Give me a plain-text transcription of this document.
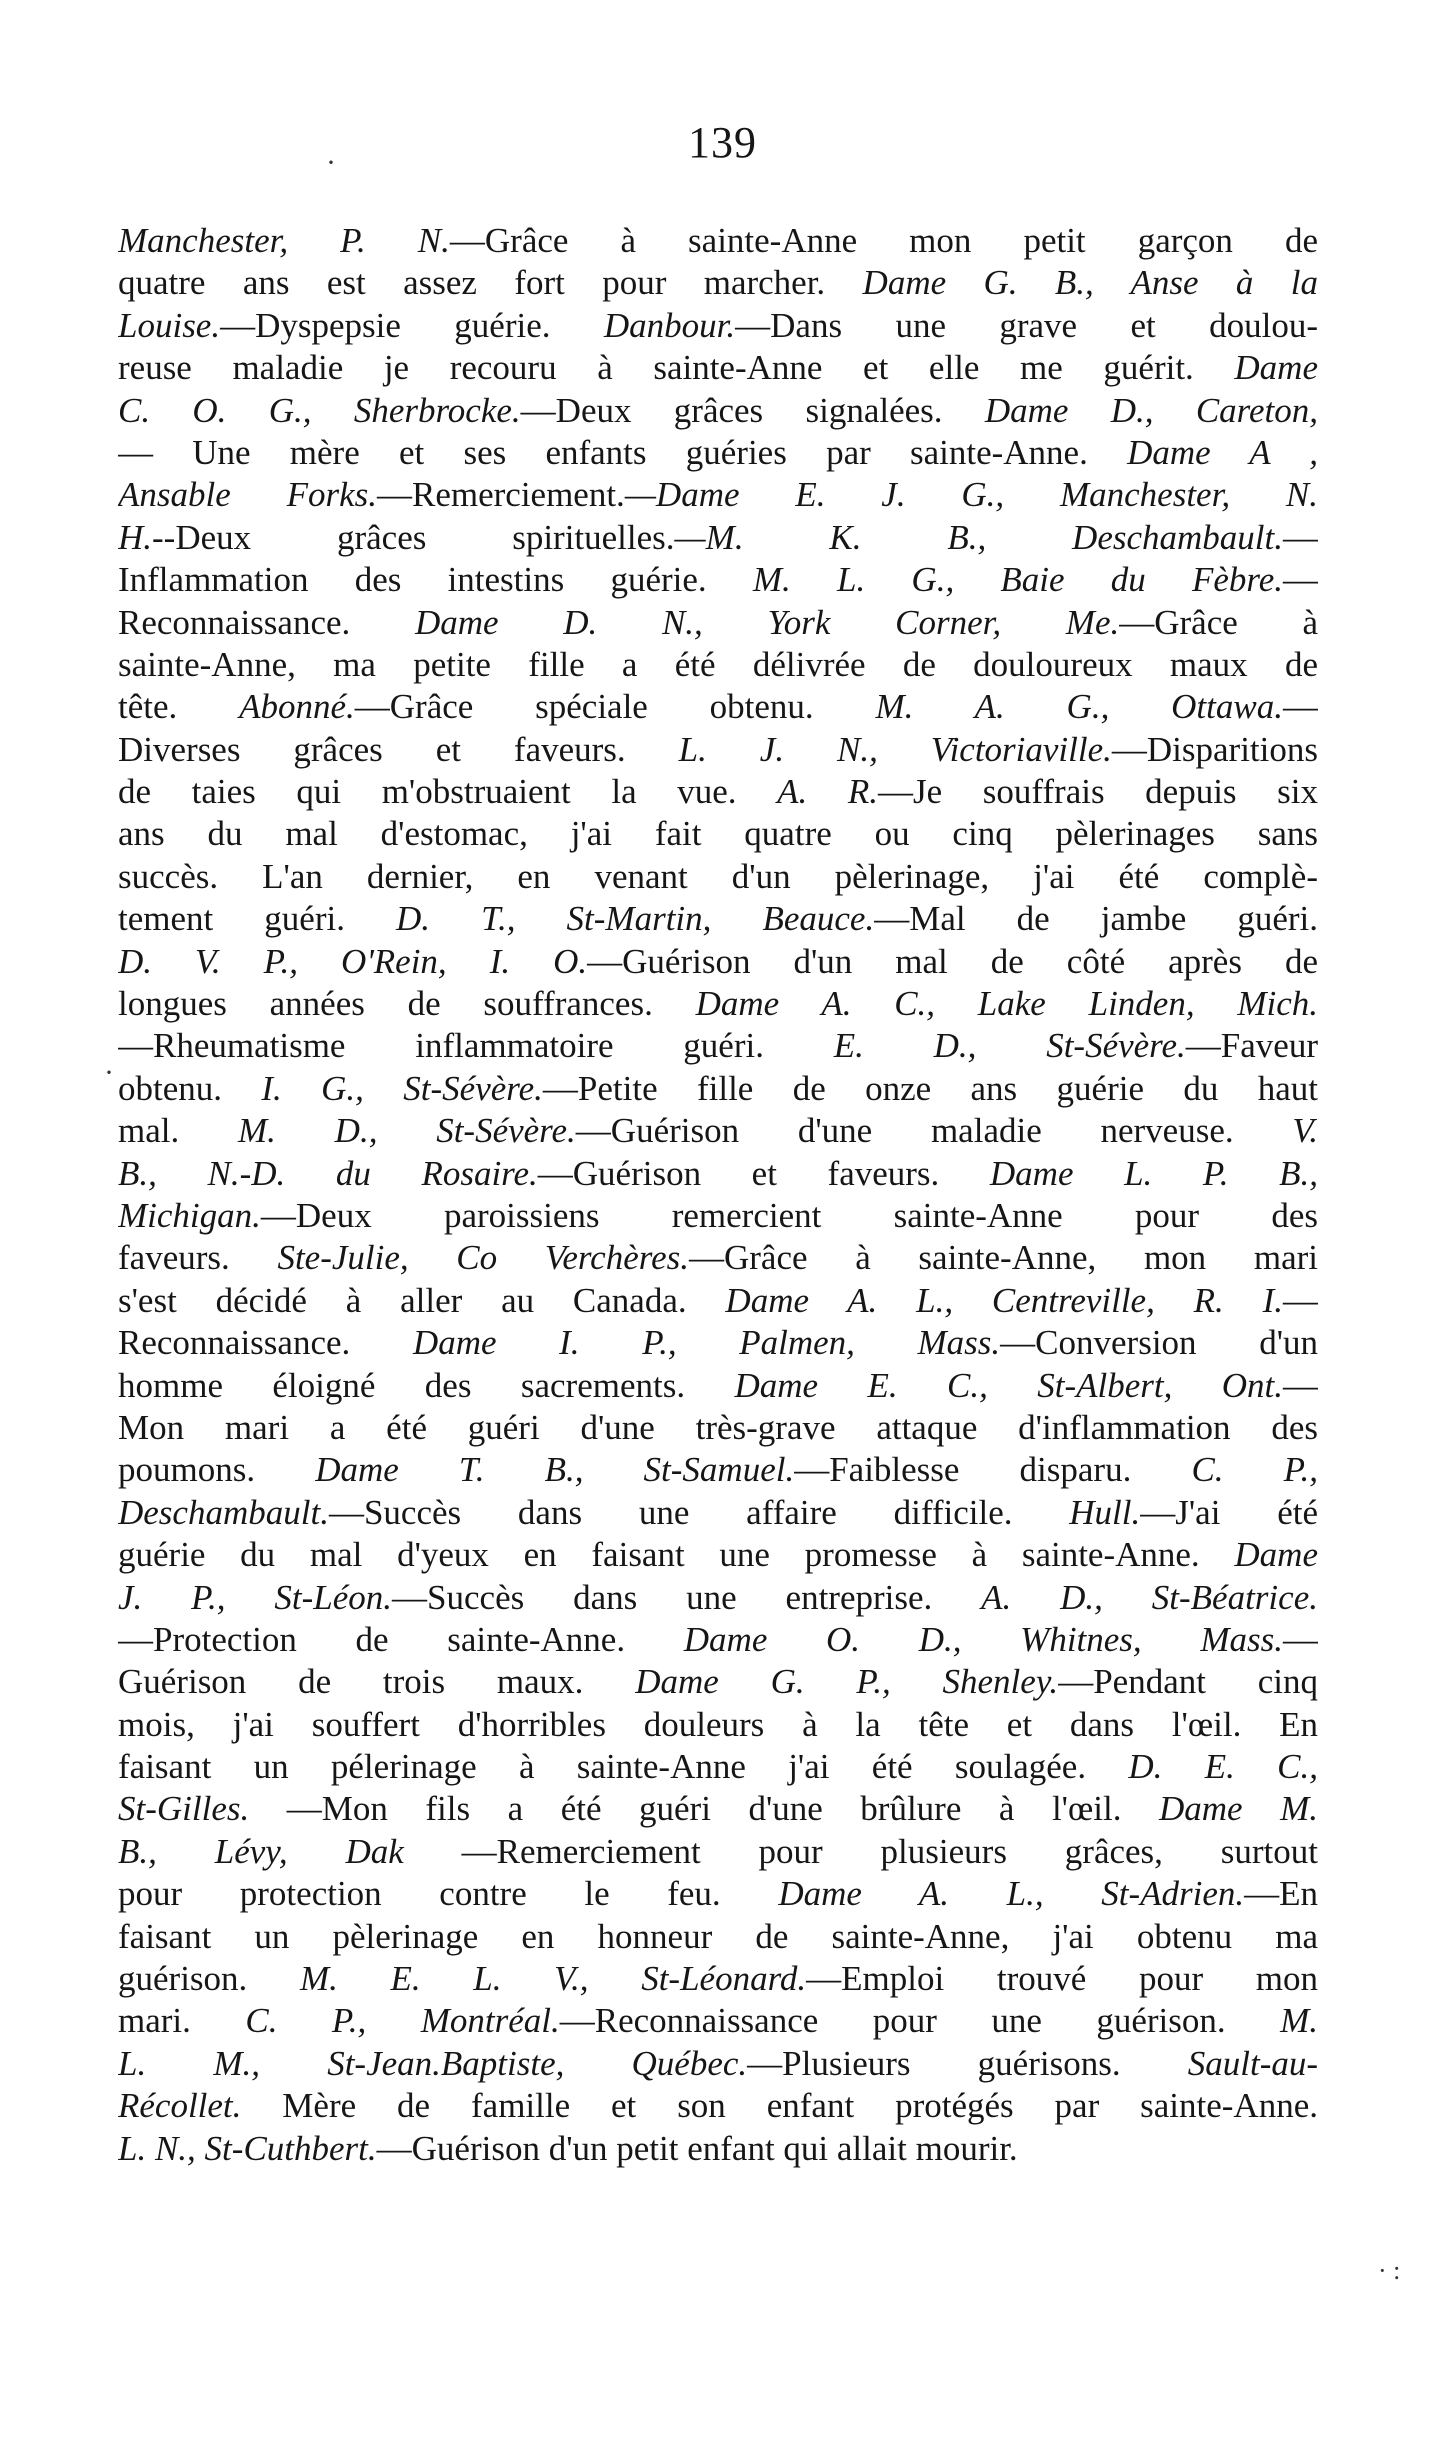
139
·
·
· :
Manchester, P. N.—Grâce à sainte-Anne mon petit garçon de
quatre ans est assez fort pour marcher. Dame G. B., Anse à la
Louise.—Dyspepsie guérie. Danbour.—Dans une grave et doulou-
reuse maladie je recouru à sainte-Anne et elle me guérit. Dame
C. O. G., Sherbrocke.—Deux grâces signalées. Dame D., Careton,
— Une mère et ses enfants guéries par sainte-Anne. Dame A ,
Ansable Forks.—Remerciement.—Dame E. J. G., Manchester, N.
H.--Deux grâces spirituelles.—M. K. B., Deschambault.—
Inflammation des intestins guérie. M. L. G., Baie du Fèbre.—
Reconnaissance. Dame D. N., York Corner, Me.—Grâce à
sainte-Anne, ma petite fille a été délivrée de douloureux maux de
tête. Abonné.—Grâce spéciale obtenu. M. A. G., Ottawa.—
Diverses grâces et faveurs. L. J. N., Victoriaville.—Disparitions
de taies qui m'obstruaient la vue. A. R.—Je souffrais depuis six
ans du mal d'estomac, j'ai fait quatre ou cinq pèlerinages sans
succès. L'an dernier, en venant d'un pèlerinage, j'ai été complè-
tement guéri. D. T., St-Martin, Beauce.—Mal de jambe guéri.
D. V. P., O'Rein, I. O.—Guérison d'un mal de côté après de
longues années de souffrances. Dame A. C., Lake Linden, Mich.
—Rheumatisme inflammatoire guéri. E. D., St-Sévère.—Faveur
obtenu. I. G., St-Sévère.—Petite fille de onze ans guérie du haut
mal. M. D., St-Sévère.—Guérison d'une maladie nerveuse. V.
B., N.-D. du Rosaire.—Guérison et faveurs. Dame L. P. B.,
Michigan.—Deux paroissiens remercient sainte-Anne pour des
faveurs. Ste-Julie, Co Verchères.—Grâce à sainte-Anne, mon mari
s'est décidé à aller au Canada. Dame A. L., Centreville, R. I.—
Reconnaissance. Dame I. P., Palmen, Mass.—Conversion d'un
homme éloigné des sacrements. Dame E. C., St-Albert, Ont.—
Mon mari a été guéri d'une très-grave attaque d'inflammation des
poumons. Dame T. B., St-Samuel.—Faiblesse disparu. C. P.,
Deschambault.—Succès dans une affaire difficile. Hull.—J'ai été
guérie du mal d'yeux en faisant une promesse à sainte-Anne. Dame
J. P., St-Léon.—Succès dans une entreprise. A. D., St-Béatrice.
—Protection de sainte-Anne. Dame O. D., Whitnes, Mass.—
Guérison de trois maux. Dame G. P., Shenley.—Pendant cinq
mois, j'ai souffert d'horribles douleurs à la tête et dans l'œil. En
faisant un pélerinage à sainte-Anne j'ai été soulagée. D. E. C.,
St-Gilles. —Mon fils a été guéri d'une brûlure à l'œil. Dame M.
B., Lévy, Dak —Remerciement pour plusieurs grâces, surtout
pour protection contre le feu. Dame A. L., St-Adrien.—En
faisant un pèlerinage en honneur de sainte-Anne, j'ai obtenu ma
guérison. M. E. L. V., St-Léonard.—Emploi trouvé pour mon
mari. C. P., Montréal.—Reconnaissance pour une guérison. M.
L. M., St-Jean.Baptiste, Québec.—Plusieurs guérisons. Sault-au-
Récollet. Mère de famille et son enfant protégés par sainte-Anne.
L. N., St-Cuthbert.—Guérison d'un petit enfant qui allait mourir.
